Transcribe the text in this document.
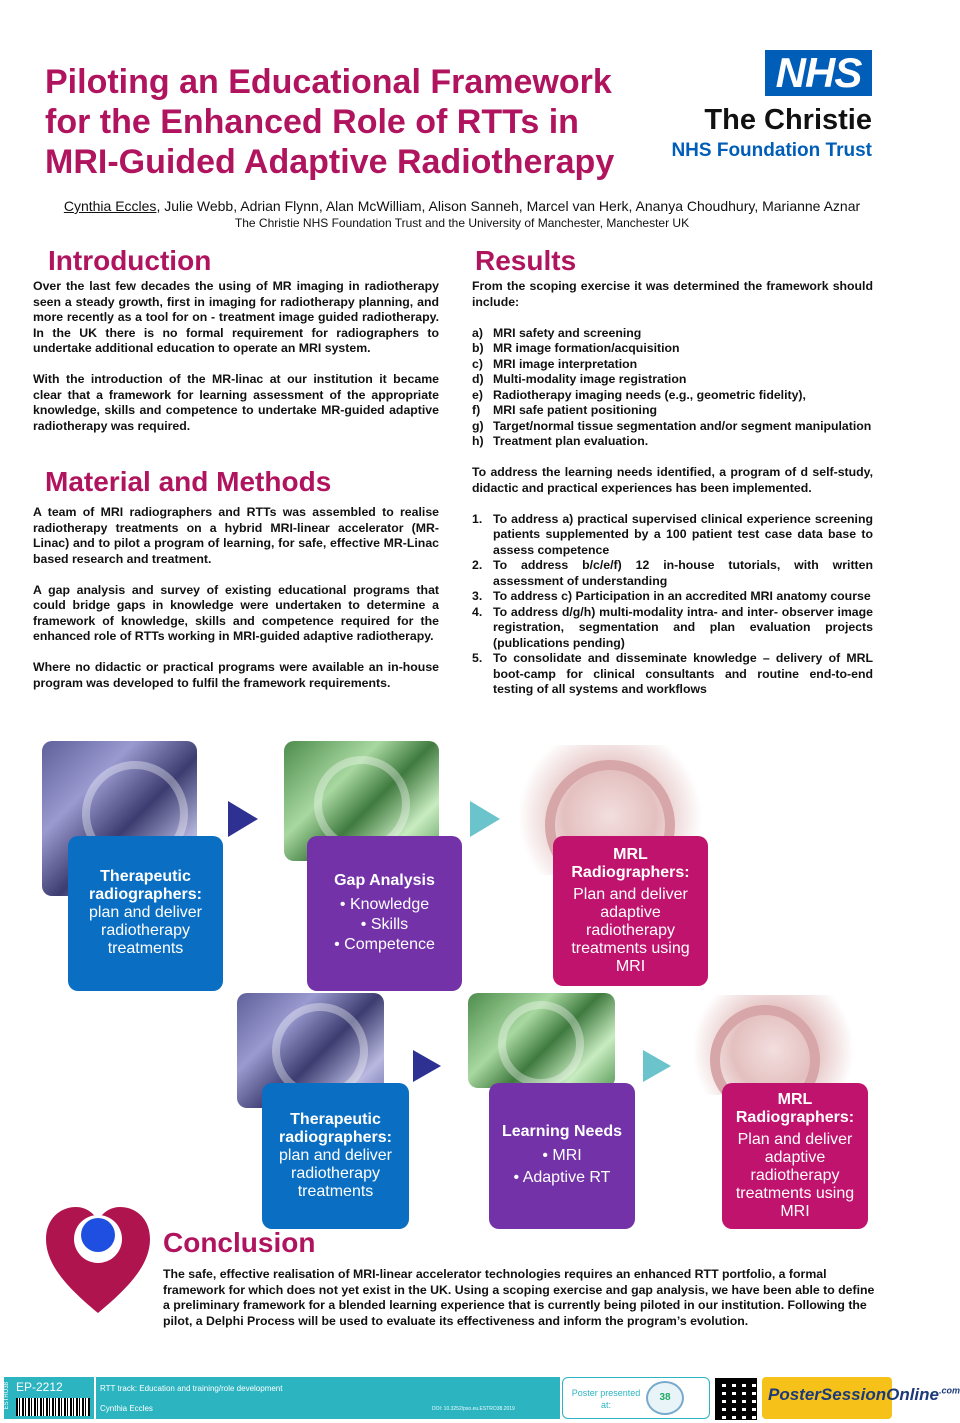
Piloting an Educational Framework
for the Enhanced Role of RTTs in
MRI-Guided Adaptive Radiotherapy
NHS
The Christie
NHS Foundation Trust
Cynthia Eccles, Julie Webb, Adrian Flynn, Alan McWilliam, Alison Sanneh, Marcel van Herk, Ananya Choudhury, Marianne Aznar
The Christie NHS Foundation Trust and the University of Manchester, Manchester UK
Introduction

Over the last few decades the using of MR imaging in radiotherapy seen a steady growth, first in imaging for radiotherapy planning, and more recently as a tool for on - treatment image guided radiotherapy. In the UK there is no formal requirement for radiographers to undertake additional education to operate an MRI system.

With the introduction of the MR-linac at our institution it became clear that a framework for learning assessment of the appropriate knowledge, skills and competence to undertake MR-guided adaptive radiotherapy was required.

Material and Methods

A team of MRI radiographers and RTTs was assembled to realise radiotherapy treatments on a hybrid MRI-linear accelerator (MR-Linac) and to pilot a program of learning, for safe, effective MR-Linac based research and treatment.

A gap analysis and survey of existing educational programs that could bridge gaps in knowledge were undertaken to determine a framework of knowledge, skills and competence required for the enhanced role of RTTs working in MRI-guided adaptive radiotherapy.

Where no didactic or practical programs were available an in-house program was developed to fulfil the framework requirements.

Results

From the scoping exercise it was determined the framework should include:

a) MRI safety and screening
b) MR image formation/acquisition
c) MRI image interpretation
d) Multi-modality image registration
e) Radiotherapy imaging needs (e.g., geometric fidelity),
f) MRI safe patient positioning
g) Target/normal tissue segmentation and/or segment manipulation
h) Treatment plan evaluation.

To address the learning needs identified, a program of d self-study, didactic and practical experiences has been implemented.

1. To address a) practical supervised clinical experience screening patients supplemented by a 100 patient test case data base to assess competence
2. To address b/c/e/f) 12 in-house tutorials, with written assessment of understanding
3. To address c) Participation in an accredited MRI anatomy course
4. To address d/g/h) multi-modality intra- and inter- observer image registration, segmentation and plan evaluation projects (publications pending)
5. To consolidate and disseminate knowledge – delivery of MRL boot-camp for clinical consultants and routine end-to-end testing of all systems and workflows
Therapeutic radiographers:
plan and deliver
radiotherapy
treatments
Gap Analysis
• Knowledge
• Skills
• Competence
MRL Radiographers:
Plan and deliver
adaptive
radiotherapy
treatments using
MRI
Therapeutic radiographers:
plan and deliver
radiotherapy
treatments
Learning Needs
• MRI
• Adaptive RT
MRL Radiographers:
Plan and deliver
adaptive
radiotherapy
treatments using
MRI
Conclusion

The safe, effective realisation of MRI-linear accelerator technologies requires an enhanced RTT portfolio, a formal framework for which does not yet exist in the UK. Using a scoping exercise and gap analysis, we have been able to define a preliminary framework for a blended learning experience that is currently being piloted in our institution. Following the pilot, a Delphi Process will be used to evaluate its effectiveness and inform the program’s evolution.

ESTRO38 EP-2212	RTT track: Education and training/role development
Cynthia Eccles	DOI: 10.3252/pso.eu.ESTRO38.2019
Poster presented at:
38	PosterSessionOnline$^{.com}$
